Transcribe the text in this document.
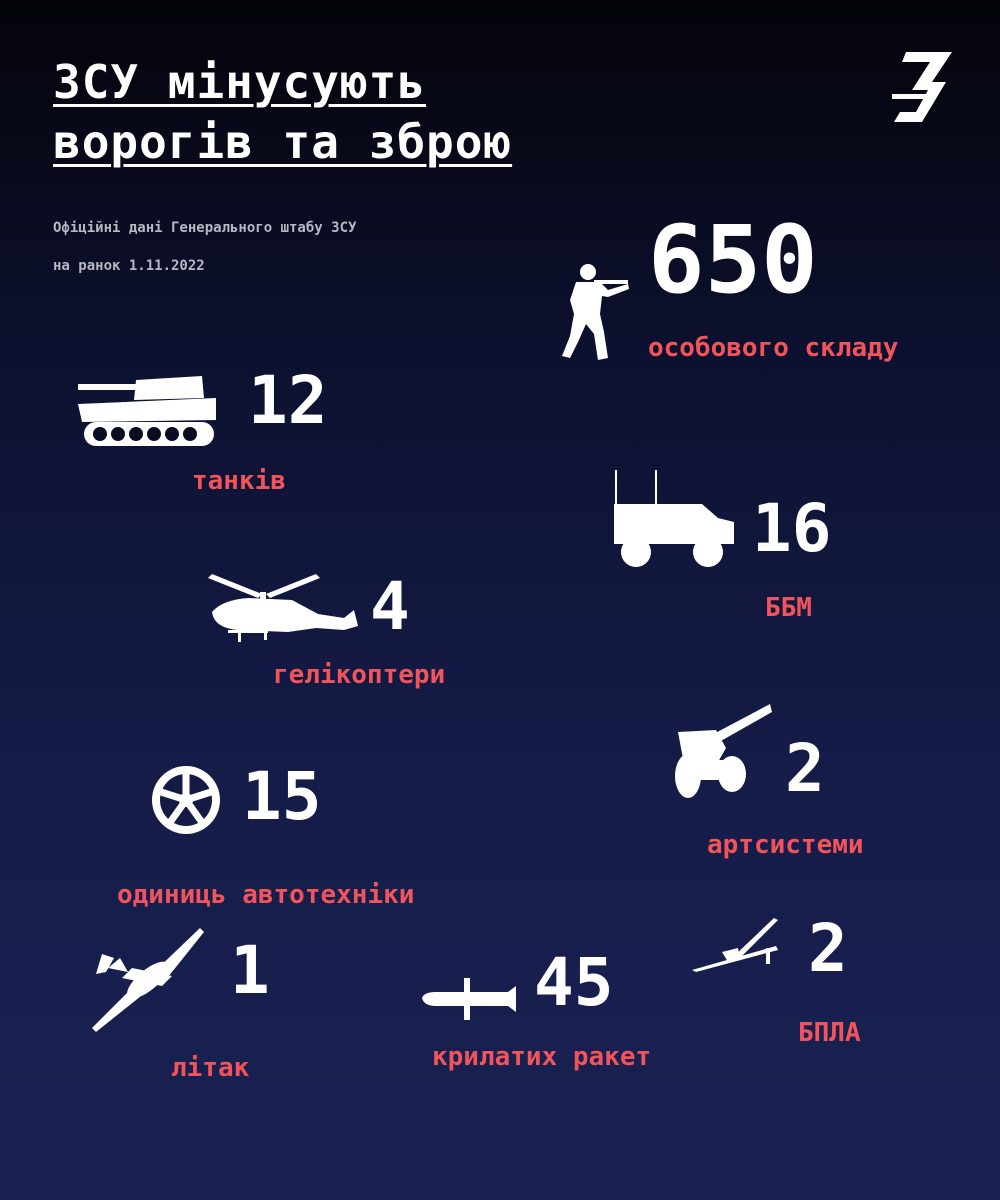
ЗСУ мінусують
ворогів та зброю
Офіційні дані Генерального штабу ЗСУ
на ранок 1.11.2022	650
особового складу
12
танків
16
ББМ
4
гелікоптери
2
артсистеми
15
одиниць автотехніки
1
літак
45
крилатих ракет
2
БПЛА
